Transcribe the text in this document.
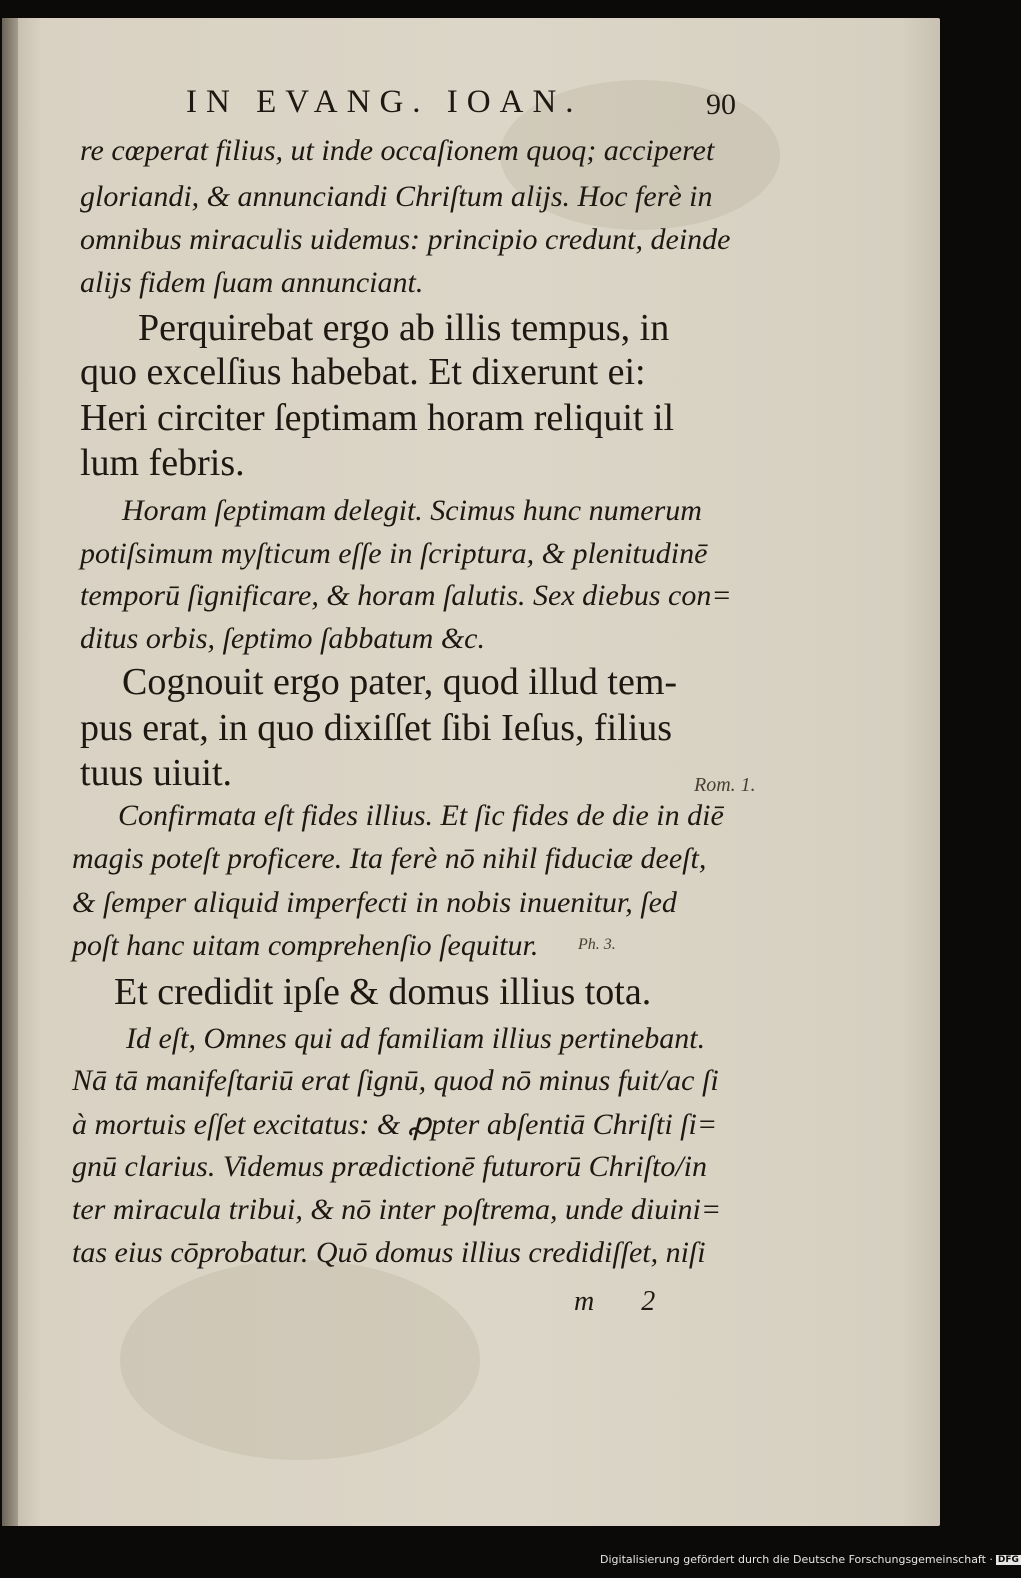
IN EVANG. IOAN.	90
re cœperat filius, ut inde occaſionem quoq; acciperet
gloriandi, & annunciandi Chriſtum alijs. Hoc ferè in
omnibus miraculis uidemus: principio credunt, deinde
alijs fidem ſuam annunciant.
Perquirebat ergo ab illis tempus, in
quo excelſius habebat. Et dixerunt ei:
Heri circiter ſeptimam horam reliquit il
lum febris.
Horam ſeptimam delegit. Scimus hunc numerum
potiſsimum myſticum eſſe in ſcriptura, & plenitudinē
temporū ſignificare, & horam ſalutis. Sex diebus con=
ditus orbis, ſeptimo ſabbatum &c.
Cognouit ergo pater, quod illud tem-
pus erat, in quo dixiſſet ſibi Ieſus, filius
tuus uiuit.	Rom. 1.
Confirmata eſt fides illius. Et ſic fides de die in diē
magis poteſt proficere. Ita ferè nō nihil fiduciæ deeſt,
& ſemper aliquid imperfecti in nobis inuenitur, ſed
poſt hanc uitam comprehenſio ſequitur. Ph. 3.
Et credidit ipſe & domus illius tota.
Id eſt, Omnes qui ad familiam illius pertinebant.
Nā tā manifeſtariū erat ſignū, quod nō minus fuit/ac ſi
à mortuis eſſet excitatus: & ꝓpter abſentiā Chriſti ſi=
gnū clarius. Videmus prædictionē futurorū Chriſto/in
ter miracula tribui, & nō inter poſtrema, unde diuini=
tas eius cōprobatur. Quō domus illius credidiſſet, niſi
m 2
Digitalisierung gefördert durch die Deutsche Forschungsgemeinschaft · DFG
